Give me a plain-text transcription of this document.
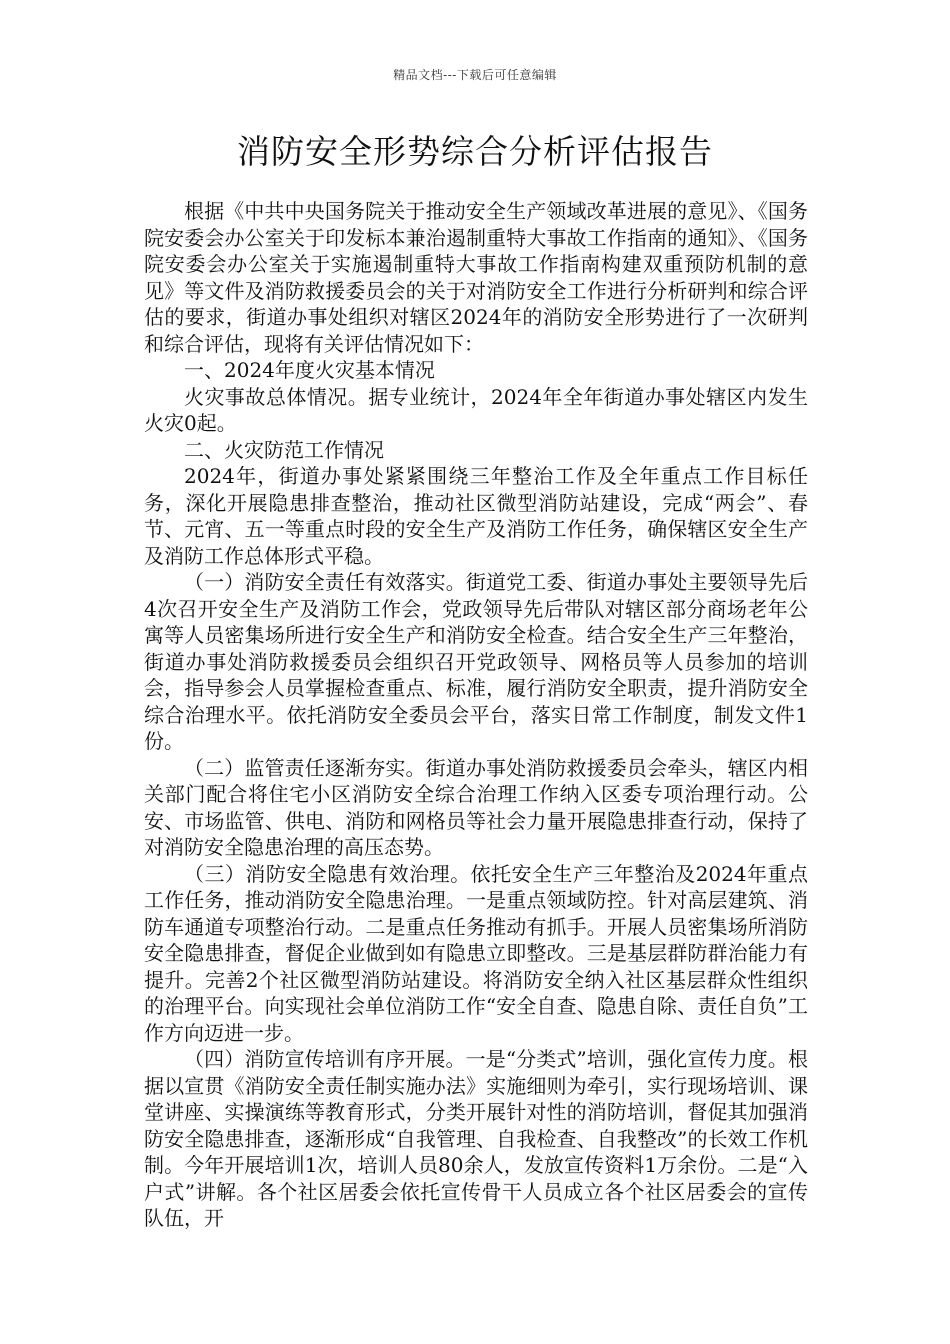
精品文档---下载后可任意编辑
消防安全形势综合分析评估报告

根据《中共中央国务院关于推动安全生产领域改革进展的意见》、《国务院安委会办公室关于印发标本兼治遏制重特大事故工作指南的通知》、《国务院安委会办公室关于实施遏制重特大事故工作指南构建双重预防机制的意见》等文件及消防救援委员会的关于对消防安全工作进行分析研判和综合评估的要求，街道办事处组织对辖区2024年的消防安全形势进行了一次研判和综合评估，现将有关评估情况如下：

一、2024年度火灾基本情况

火灾事故总体情况。据专业统计，2024年全年街道办事处辖区内发生火灾0起。

二、火灾防范工作情况

2024年，街道办事处紧紧围绕三年整治工作及全年重点工作目标任务，深化开展隐患排查整治，推动社区微型消防站建设，完成“两会”、春节、元宵、五一等重点时段的安全生产及消防工作任务，确保辖区安全生产及消防工作总体形式平稳。

（一）消防安全责任有效落实。街道党工委、街道办事处主要领导先后4次召开安全生产及消防工作会，党政领导先后带队对辖区部分商场老年公寓等人员密集场所进行安全生产和消防安全检查。结合安全生产三年整治，街道办事处消防救援委员会组织召开党政领导、网格员等人员参加的培训会，指导参会人员掌握检查重点、标准，履行消防安全职责，提升消防安全综合治理水平。依托消防安全委员会平台，落实日常工作制度，制发文件1份。

（二）监管责任逐渐夯实。街道办事处消防救援委员会牵头，辖区内相关部门配合将住宅小区消防安全综合治理工作纳入区委专项治理行动。公安、市场监管、供电、消防和网格员等社会力量开展隐患排查行动，保持了对消防安全隐患治理的高压态势。

（三）消防安全隐患有效治理。依托安全生产三年整治及2024年重点工作任务，推动消防安全隐患治理。一是重点领域防控。针对高层建筑、消防车通道专项整治行动。二是重点任务推动有抓手。开展人员密集场所消防安全隐患排查，督促企业做到如有隐患立即整改。三是基层群防群治能力有提升。完善2个社区微型消防站建设。将消防安全纳入社区基层群众性组织的治理平台。向实现社会单位消防工作“安全自查、隐患自除、责任自负”工作方向迈进一步。

（四）消防宣传培训有序开展。一是“分类式”培训，强化宣传力度。根据以宣贯《消防安全责任制实施办法》实施细则为牵引，实行现场培训、课堂讲座、实操演练等教育形式，分类开展针对性的消防培训，督促其加强消防安全隐患排查，逐渐形成“自我管理、自我检查、自我整改”的长效工作机制。今年开展培训1次，培训人员80余人，发放宣传资料1万余份。二是“入户式”讲解。各个社区居委会依托宣传骨干人员成立各个社区居委会的宣传队伍，开
